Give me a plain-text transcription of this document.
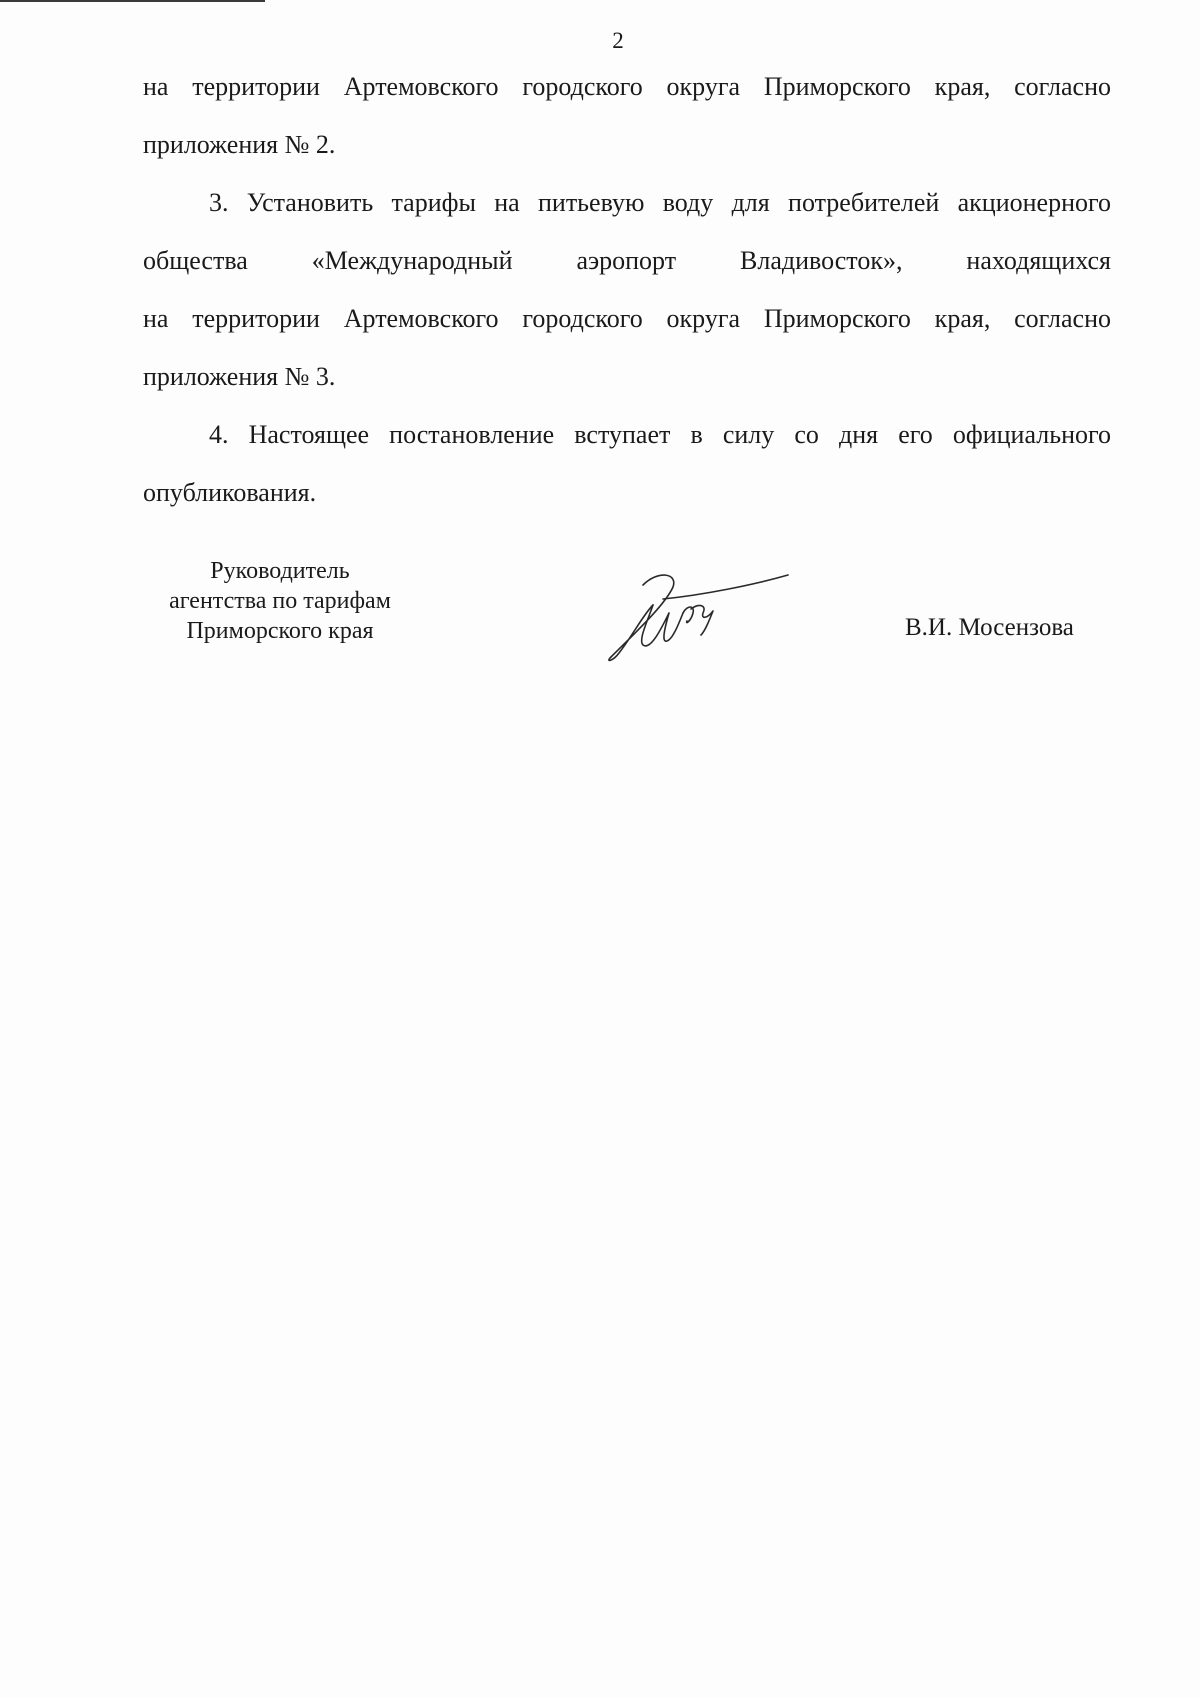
2
на территории Артемовского городского округа Приморского края, согласно
приложения № 2.
3. Установить тарифы на питьевую воду для потребителей акционерного
общества «Международный аэропорт Владивосток», находящихся
на территории Артемовского городского округа Приморского края, согласно
приложения № 3.
4. Настоящее постановление вступает в силу со дня его официального
опубликования.
Руководитель
агентства по тарифам
Приморского края	В.И. Мосензова
